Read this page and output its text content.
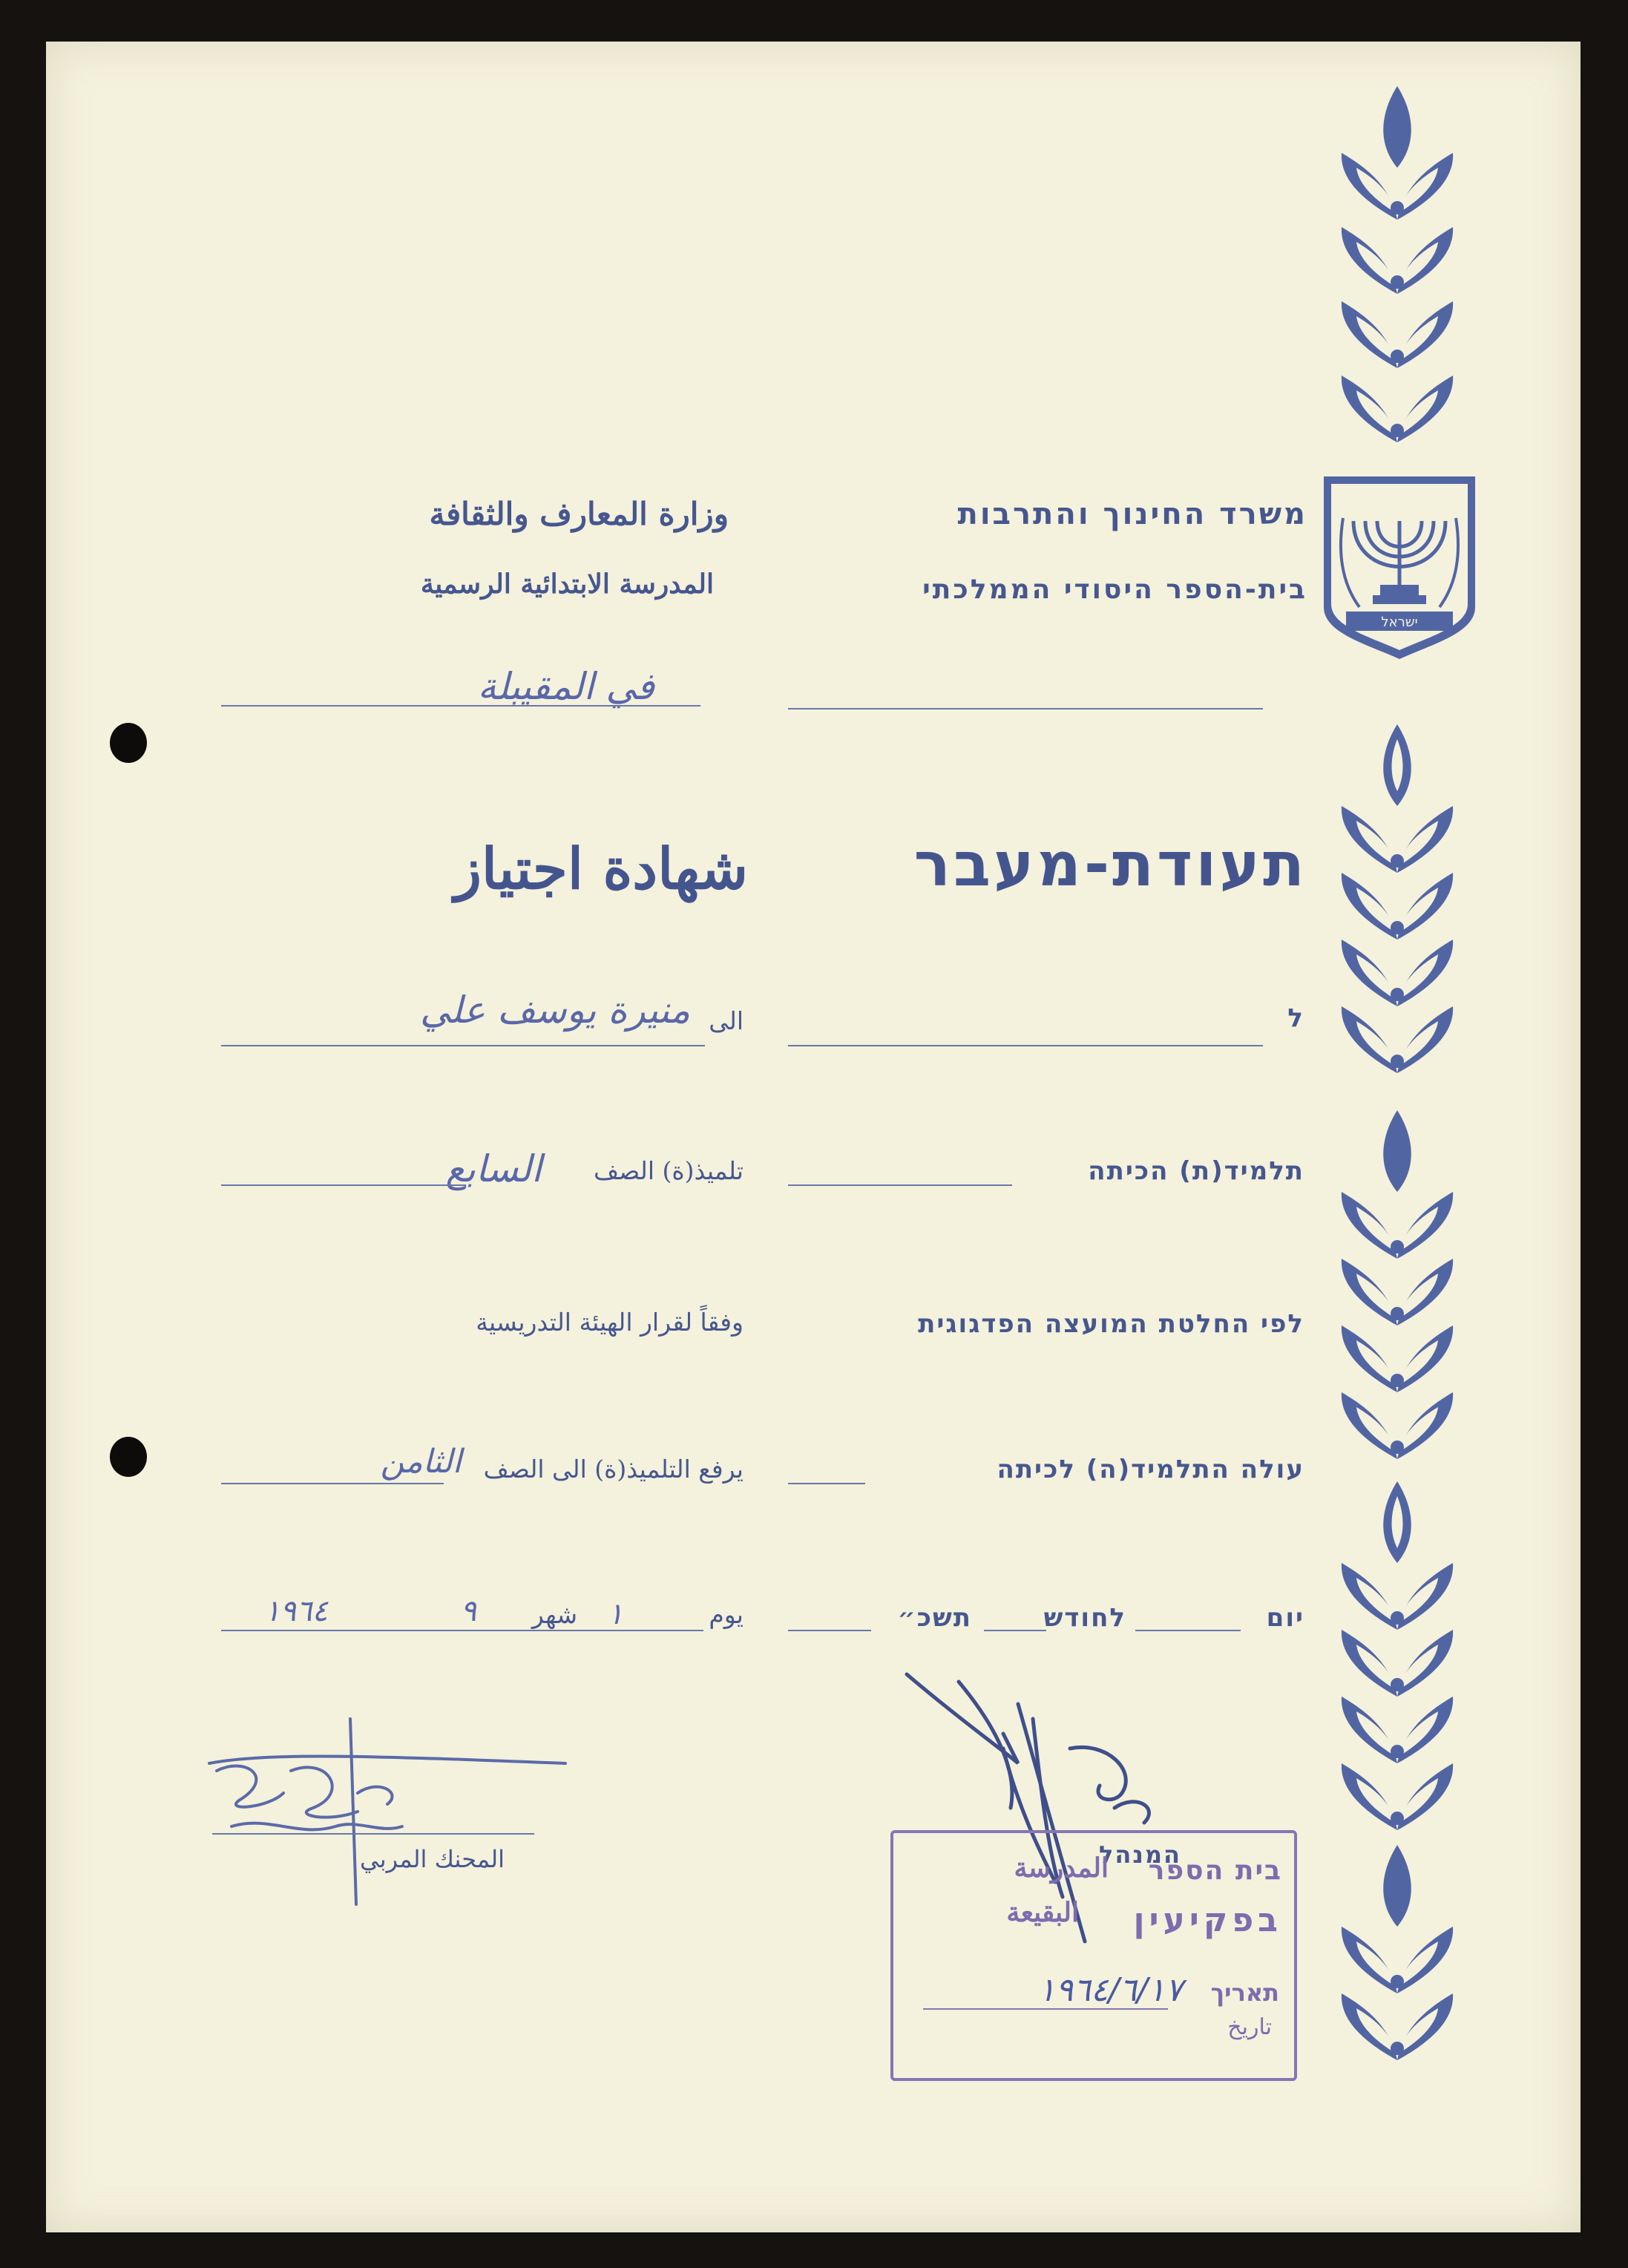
ישראל
משרד החינוך והתרבות
בית-הספר היסודי הממלכתי
وزارة المعارف والثقافة
المدرسة الابتدائية الرسمية
في المقيبلة
תעודת-מעבר
شهادة اجتياز
ל
الى
منيرة يوسف علي
תלמיד(ת) הכיתה
تلميذ(ة) الصف
السابع
לפי החלטת המועצה הפדגוגית
وفقاً لقرار الهيئة التدريسية
עולה התלמיד(ה) לכיתה
يرفع التلميذ(ة) الى الصف
الثامن
יום
לחודש
תשכ״
يوم
١
شهر
٩
١٩٦٤
المحنك المربي	המנהל
בית הספר
المدرسة
בפקיעין
البقيعة
תאריך
تاريخ
١٩٦٤/٦/١٧
